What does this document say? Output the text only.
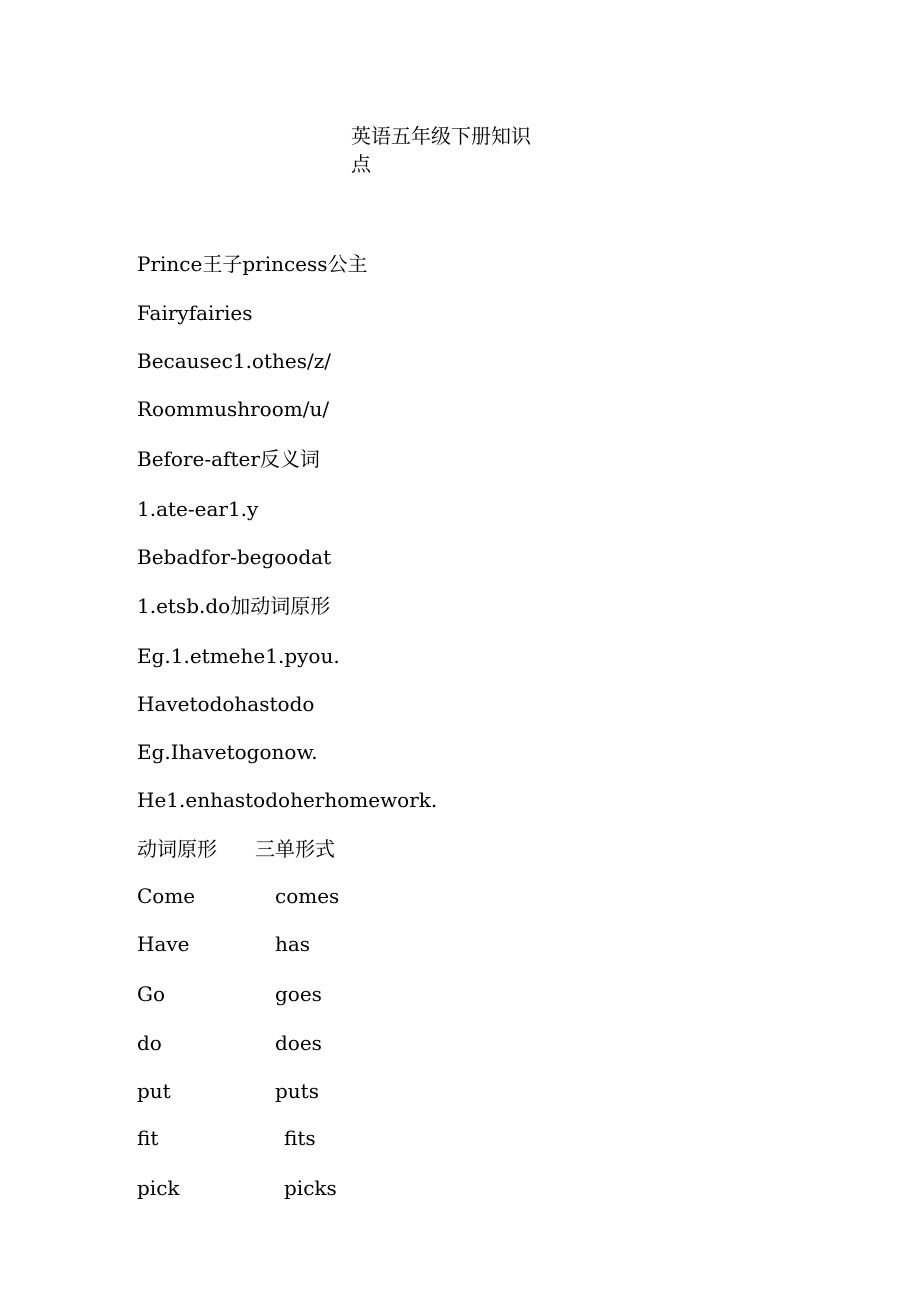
英语五年级下册知识
点

Prince王子princess公主

Fairyfairies

Becausec1.othes/z/

Roommushroom/u/

Before-after反义词

1.ate-ear1.y

Bebadfor-begoodat

1.etsb.do加动词原形

Eg.1.etmehe1.pyou.

Havetodohastodo

Eg.Ihavetogonow.

He1.enhastodoherhomework.

动词原形 三单形式
Come	comes
Have	has
Go	goes
do	does
put	puts
fit	fits
pick	picks
